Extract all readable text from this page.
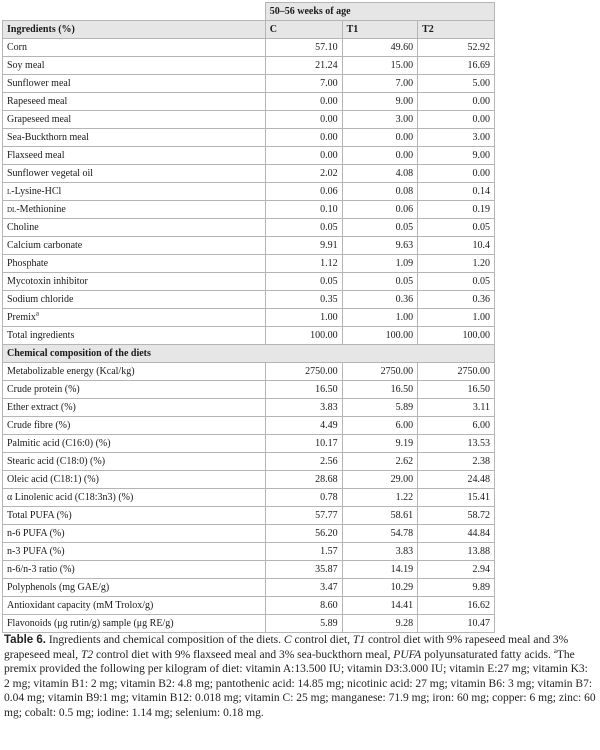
	50–56 weeks of age		
Ingredients (%)	C	T1	T2
Corn	57.10	49.60	52.92
Soy meal	21.24	15.00	16.69
Sunflower meal	7.00	7.00	5.00
Rapeseed meal	0.00	9.00	0.00
Grapeseed meal	0.00	3.00	0.00
Sea-Buckthorn meal	0.00	0.00	3.00
Flaxseed meal	0.00	0.00	9.00
Sunflower vegetal oil	2.02	4.08	0.00
l-Lysine-HCl	0.06	0.08	0.14
dl-Methionine	0.10	0.06	0.19
Choline	0.05	0.05	0.05
Calcium carbonate	9.91	9.63	10.4
Phosphate	1.12	1.09	1.20
Mycotoxin inhibitor	0.05	0.05	0.05
Sodium chloride	0.35	0.36	0.36
Premix$^a$	1.00	1.00	1.00
Total ingredients	100.00	100.00	100.00
Chemical composition of the diets			
Metabolizable energy (Kcal/kg)	2750.00	2750.00	2750.00
Crude protein (%)	16.50	16.50	16.50
Ether extract (%)	3.83	5.89	3.11
Crude fibre (%)	4.49	6.00	6.00
Palmitic acid (C16:0) (%)	10.17	9.19	13.53
Stearic acid (C18:0) (%)	2.56	2.62	2.38
Oleic acid (C18:1) (%)	28.68	29.00	24.48
α Linolenic acid (C18:3n3) (%)	0.78	1.22	15.41
Total PUFA (%)	57.77	58.61	58.72
n-6 PUFA (%)	56.20	54.78	44.84
n-3 PUFA (%)	1.57	3.83	13.88
n-6/n-3 ratio (%)	35.87	14.19	2.94
Polyphenols (mg GAE/g)	3.47	10.29	9.89
Antioxidant capacity (mM Trolox/g)	8.60	14.41	16.62
Flavonoids (μg rutin/g) sample (μg RE/g)	5.89	9.28	10.47
Table 6. Ingredients and chemical composition of the diets. C control diet, T1 control diet with 9% rapeseed meal and 3% grapeseed meal, T2 control diet with 9% flaxseed meal and 3% sea-buckthorn meal, PUFA polyunsaturated fatty acids. $^a$The premix provided the following per kilogram of diet: vitamin A:13.500 IU; vitamin D3:3.000 IU; vitamin E:27 mg; vitamin K3: 2 mg; vitamin B1: 2 mg; vitamin B2: 4.8 mg; pantothenic acid: 14.85 mg; nicotinic acid: 27 mg; vitamin B6: 3 mg; vitamin B7: 0.04 mg; vitamin B9:1 mg; vitamin B12: 0.018 mg; vitamin C: 25 mg; manganese: 71.9 mg; iron: 60 mg; copper: 6 mg; zinc: 60 mg; cobalt: 0.5 mg; iodine: 1.14 mg; selenium: 0.18 mg.
